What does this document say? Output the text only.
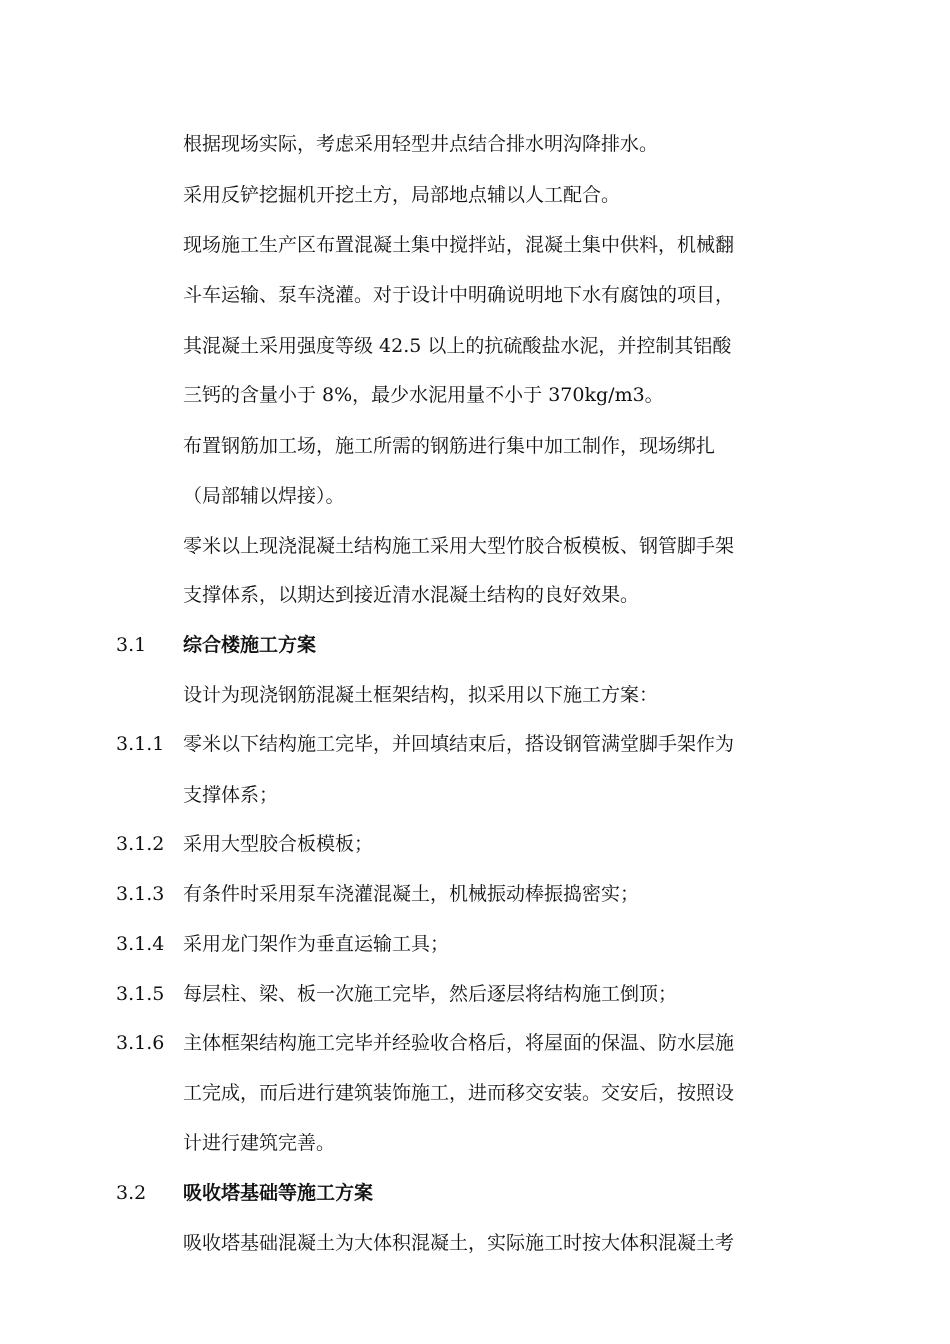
根据现场实际，考虑采用轻型井点结合排水明沟降排水。
采用反铲挖掘机开挖土方，局部地点辅以人工配合。
现场施工生产区布置混凝土集中搅拌站，混凝土集中供料，机械翻
斗车运输、泵车浇灌。对于设计中明确说明地下水有腐蚀的项目，
其混凝土采用强度等级 42.5 以上的抗硫酸盐水泥，并控制其铝酸
三钙的含量小于 8%，最少水泥用量不小于 370kg/m3。
布置钢筋加工场，施工所需的钢筋进行集中加工制作，现场绑扎
（局部辅以焊接）。
零米以上现浇混凝土结构施工采用大型竹胶合板模板、钢管脚手架
支撑体系，以期达到接近清水混凝土结构的良好效果。
3.1 综合楼施工方案
设计为现浇钢筋混凝土框架结构，拟采用以下施工方案：
3.1.1 零米以下结构施工完毕，并回填结束后，搭设钢管满堂脚手架作为
支撑体系；
3.1.2 采用大型胶合板模板；
3.1.3 有条件时采用泵车浇灌混凝土，机械振动棒振捣密实；
3.1.4 采用龙门架作为垂直运输工具；
3.1.5 每层柱、梁、板一次施工完毕，然后逐层将结构施工倒顶；
3.1.6 主体框架结构施工完毕并经验收合格后，将屋面的保温、防水层施
工完成，而后进行建筑装饰施工，进而移交安装。交安后，按照设
计进行建筑完善。
3.2 吸收塔基础等施工方案
吸收塔基础混凝土为大体积混凝土，实际施工时按大体积混凝土考
